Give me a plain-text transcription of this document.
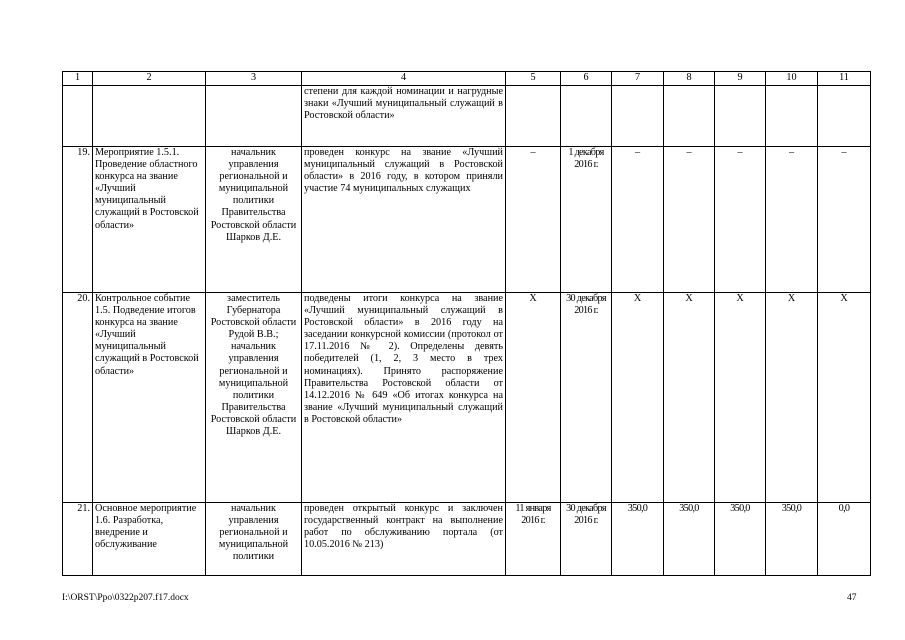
1	2	3	4	5	6	7	8	9	10	11
			степени для каждой номинации и нагрудные знаки «Лучший муниципальный служащий в Ростовской области»							
19.	Мероприятие 1.5.1. Проведение областного конкурса на звание «Лучший муниципальный служащий в Ростовской области»	начальник управления региональной и муниципальной политики Правительства Ростовской области Шарков Д.Е.	проведен конкурс на звание «Лучший муниципальный служащий в Ростовской области» в 2016 году, в котором приняли участие 74 муниципальных служащих	–	1 декабря 2016 г.	–	–	–	–	–
20.	Контрольное событие 1.5. Подведение итогов конкурса на звание «Лучший муниципальный служащий в Ростовской области»	заместитель Губернатора Ростовской области Рудой В.В.; начальник управления региональной и муниципальной политики Правительства Ростовской области Шарков Д.Е.	подведены итоги конкурса на звание «Лучший муниципальный служащий в Ростовской области» в 2016 году на заседании конкурсной комиссии (протокол от 17.11.2016 № 2). Определены девять победителей (1, 2, 3 место в трех номинациях). Принято распоряжение Правительства Ростовской области от 14.12.2016 № 649 «Об итогах конкурса на звание «Лучший муниципальный служащий в Ростовской области»	Х	30 декабря 2016 г.	Х	Х	Х	Х	Х
21.	Основное мероприятие 1.6. Разработка, внедрение и обслуживание	начальник управления региональной и муниципальной политики	проведен открытый конкурс и заключен государственный контракт на выполнение работ по обслуживанию портала (от 10.05.2016 № 213)	11 января 2016 г.	30 декабря 2016 г.	350,0	350,0	350,0	350,0	0,0
I:\ORST\Ppo\0322p207.f17.docx	47
